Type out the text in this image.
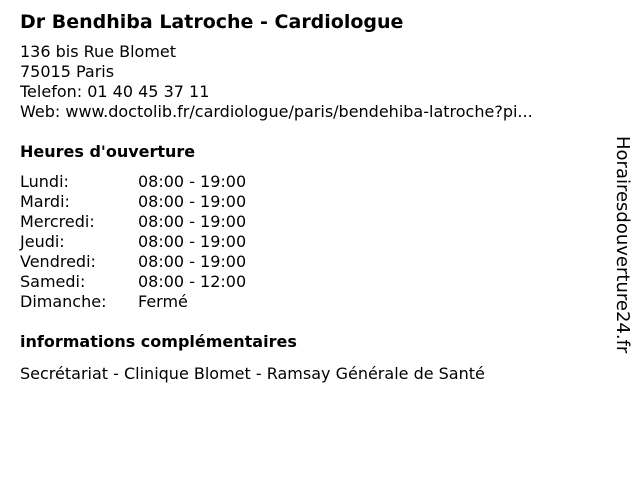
Dr Bendhiba Latroche - Cardiologue
136 bis Rue Blomet
75015 Paris
Telefon: 01 40 45 37 11
Web: www.doctolib.fr/cardiologue/paris/bendehiba-latroche?pi...
Heures d'ouverture
Lundi:	08:00 - 19:00
Mardi:	08:00 - 19:00
Mercredi:	08:00 - 19:00
Jeudi:	08:00 - 19:00
Vendredi:	08:00 - 19:00
Samedi:	08:00 - 12:00
Dimanche:	Fermé
informations complémentaires
Secrétariat - Clinique Blomet - Ramsay Générale de Santé
Horairesdouverture24.fr
